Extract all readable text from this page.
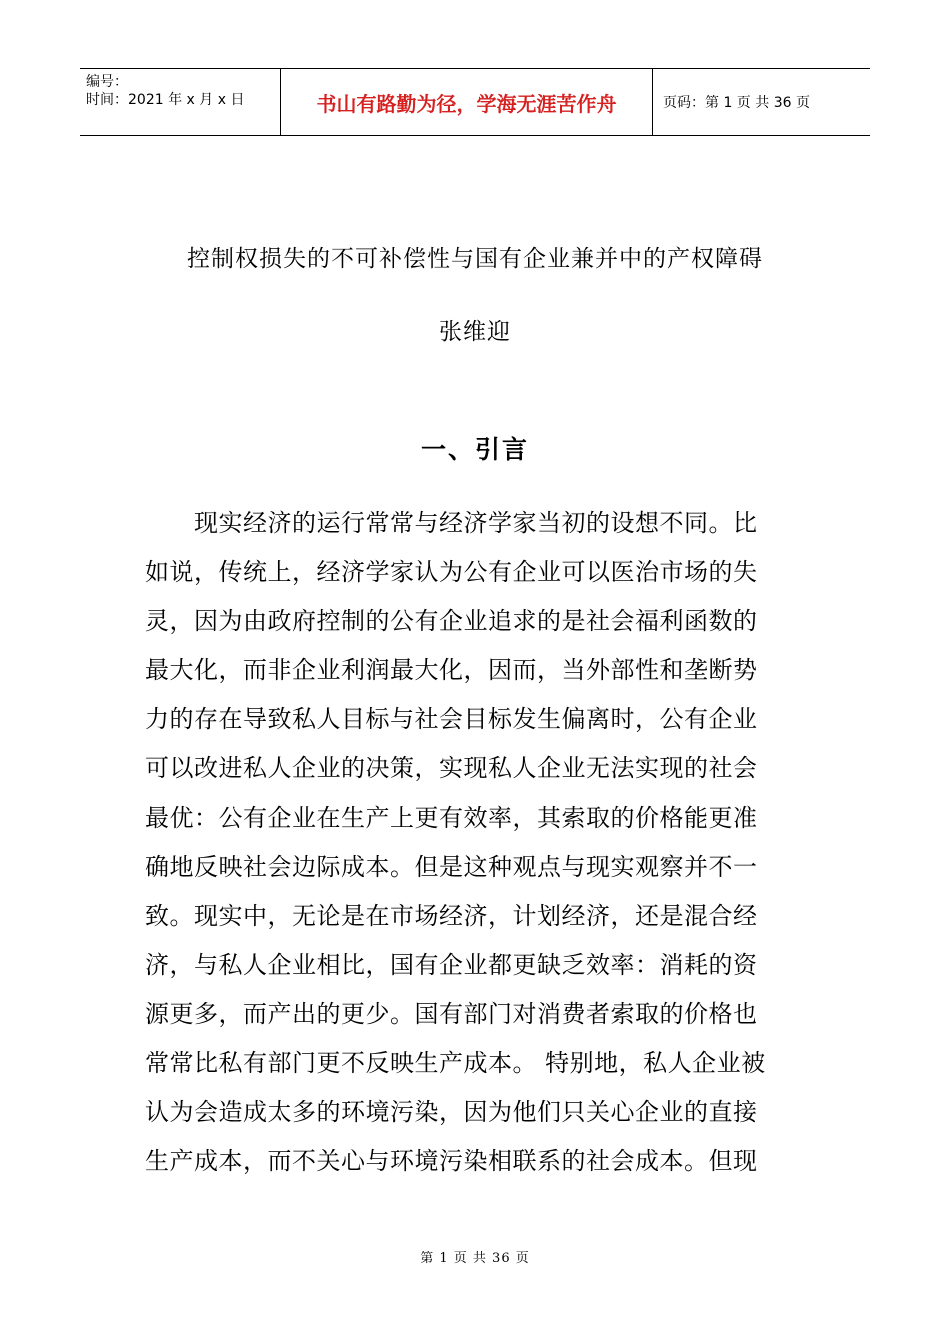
编号：
时间：2021 年 x 月 x 日	书山有路勤为径，学海无涯苦作舟	页码：第 1 页 共 36 页
控制权损失的不可补偿性与国有企业兼并中的产权障碍
张维迎
一、引言
　　现实经济的运行常常与经济学家当初的设想不同。比
如说，传统上，经济学家认为公有企业可以医治市场的失
灵，因为由政府控制的公有企业追求的是社会福利函数的
最大化，而非企业利润最大化，因而，当外部性和垄断势
力的存在导致私人目标与社会目标发生偏离时，公有企业
可以改进私人企业的决策，实现私人企业无法实现的社会
最优：公有企业在生产上更有效率，其索取的价格能更准
确地反映社会边际成本。但是这种观点与现实观察并不一
致。现实中，无论是在市场经济，计划经济，还是混合经
济，与私人企业相比，国有企业都更缺乏效率：消耗的资
源更多，而产出的更少。国有部门对消费者索取的价格也
常常比私有部门更不反映生产成本。 特别地，私人企业被
认为会造成太多的环境污染，因为他们只关心企业的直接
生产成本，而不关心与环境污染相联系的社会成本。但现
第 1 页 共 36 页
